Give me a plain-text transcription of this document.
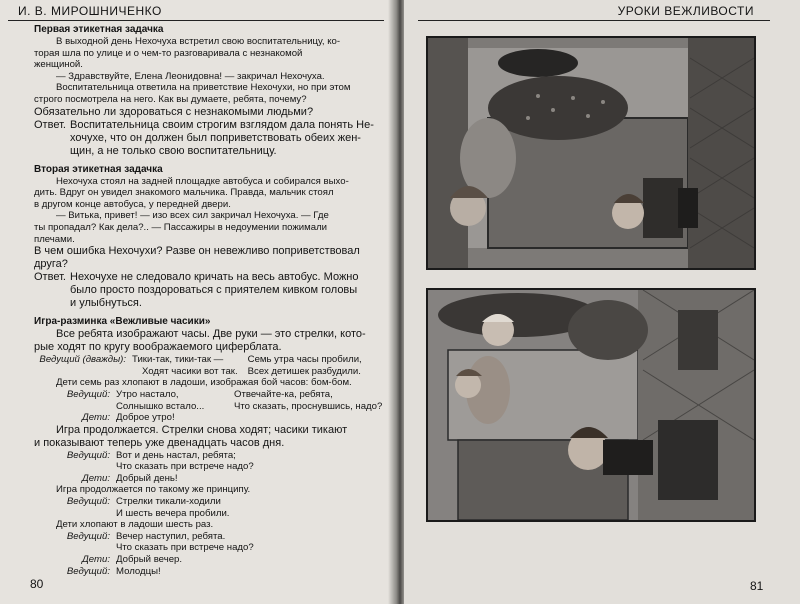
И. В. МИРОШНИЧЕНКО

Первая этикетная задачка

В выходной день Нехочуха встретил свою воспитательницу, ко-

торая шла по улице и о чем-то разговаривала с незнакомой

женщиной.

— Здравствуйте, Елена Леонидовна! — закричал Нехочуха.

Воспитательница ответила на приветствие Нехочухи, но при этом

строго посмотрела на него. Как вы думаете, ребята, почему?

Обязательно ли здороваться с незнакомыми людьми?

Ответ. Воспитательница своим строгим взглядом дала понять Не-
хочухе, что он должен был поприветствовать обеих жен-
щин, а не только свою воспитательницу.

Вторая этикетная задачка

Нехочуха стоял на задней площадке автобуса и собирался выхо-

дить. Вдруг он увидел знакомого мальчика. Правда, мальчик стоял

в другом конце автобуса, у передней двери.

— Витька, привет! — изо всех сил закричал Нехочуха. — Где

ты пропадал? Как дела?.. — Пассажиры в недоумении пожимали

плечами.

В чем ошибка Нехочухи? Разве он невежливо поприветствовал

друга?

Ответ. Нехочухе не следовало кричать на весь автобус. Можно
было просто поздороваться с приятелем кивком головы
и улыбнуться.

Игра-разминка «Вежливые часики»

Все ребята изображают часы. Две руки — это стрелки, кото-

рые ходят по кругу воображаемого циферблата.

Ведущий (дважды): Тики-так, тики-так —
Ходят часики вот так.
Семь утра часы пробили,
Всех детишек разбудили.

Дети семь раз хлопают в ладоши, изображая бой часов: бом-бом.

Ведущий: Утро настало,
Солнышко встало...
Отвечайте-ка, ребята,
Что сказать, проснувшись, надо?
Дети: Доброе утро!

Игра продолжается. Стрелки снова ходят; часики тикают

и показывают теперь уже двенадцать часов дня.

Ведущий: Вот и день настал, ребята;
Что сказать при встрече надо?
Дети: Добрый день!

Игра продолжается по такому же принципу.

Ведущий: Стрелки тикали-ходили
И шесть вечера пробили.

Дети хлопают в ладоши шесть раз.

Ведущий: Вечер наступил, ребята.
Что сказать при встрече надо?
Дети: Добрый вечер.
Ведущий: Молодцы!
80
УРОКИ ВЕЖЛИВОСТИ
81
